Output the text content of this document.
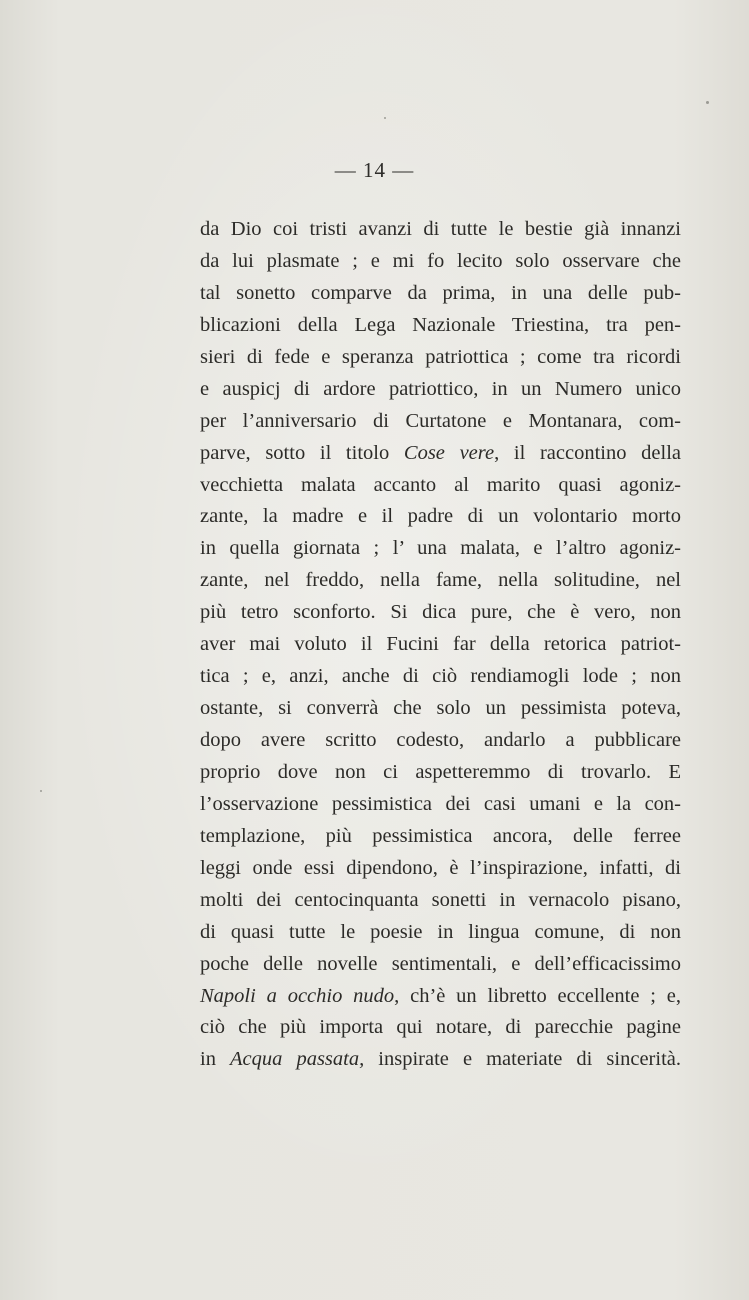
— 14 —
da Dio coi tristi avanzi di tutte le bestie già innanzi
da lui plasmate ; e mi fo lecito solo osservare che
tal sonetto comparve da prima, in una delle pub-
blicazioni della Lega Nazionale Triestina, tra pen-
sieri di fede e speranza patriottica ; come tra ricordi
e auspicj di ardore patriottico, in un Numero unico
per l’anniversario di Curtatone e Montanara, com-
parve, sotto il titolo Cose vere, il raccontino della
vecchietta malata accanto al marito quasi agoniz-
zante, la madre e il padre di un volontario morto
in quella giornata ; l’ una malata, e l’altro agoniz-
zante, nel freddo, nella fame, nella solitudine, nel
più tetro sconforto. Si dica pure, che è vero, non
aver mai voluto il Fucini far della retorica patriot-
tica ; e, anzi, anche di ciò rendiamogli lode ; non
ostante, si converrà che solo un pessimista poteva,
dopo avere scritto codesto, andarlo a pubblicare
proprio dove non ci aspetteremmo di trovarlo. E
l’osservazione pessimistica dei casi umani e la con-
templazione, più pessimistica ancora, delle ferree
leggi onde essi dipendono, è l’inspirazione, infatti, di
molti dei centocinquanta sonetti in vernacolo pisano,
di quasi tutte le poesie in lingua comune, di non
poche delle novelle sentimentali, e dell’efficacissimo
Napoli a occhio nudo, ch’è un libretto eccellente ; e,
ciò che più importa qui notare, di parecchie pagine
in Acqua passata, inspirate e materiate di sincerità.
